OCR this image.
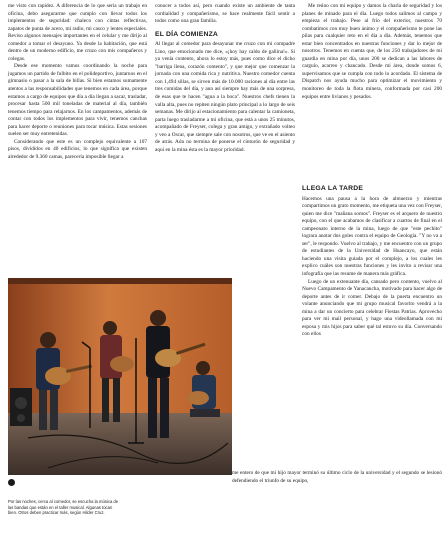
me visto con rapidez. A diferencia de lo que sería un trabajo en oficina, debo asegurarme que cumplo con llevar todos los implementos de seguridad: chaleco con cintas reflectivas, zapatos de punta de acero, mi radio, mi casco y lentes especiales. Reviso algunos mensajes importantes en el celular y me dirijo al comedor a tomar el desayuno. Ya desde la habitación, que está dentro de un moderno edificio, me cruzo con mis compañeros y colegas.

Desde ese momento vamos coordinando la noche para jugamos un partido de fulbito en el polideportivo, juntarnos en el gimnasio o pasar a la sala de billas. Si bien estamos sumamente atentos a las responsabilidades que tenemos en cada área, porque estamos a cargo de equipos que día a día llegan a sacar, trasladar, procesar hasta 500 mil toneladas de material al día, también tenemos tiempo para relajarnos. En los campamentos, además de contar con todos los implementos para vivir, tenemos canchas para hacer deporte o reuniones para tocar música. Estas sesiones suelen ser muy entretenidas.

Considerando que este es un complejo equivalente a 107 pisos, divididos en 40 edificios, lo que significa que existen alrededor de 9.360 camas, parecería imposible llegar a

conocer a todos así, pero cuando existe un ambiente de tanta cordialidad y compañerismo, se hace realmente fácil sentir a todos como una gran familia.

EL DÍA COMIENZA

Al llegar al comedor para desayunar me cruzo con mi compadre Lino, que emocionado me dice, «¡hoy hay caldo de gallina!». Si ya venía contento, ahora lo estoy más, pues como dice el dicho "barriga llena, corazón contento", y que mejor que comenzar la jornada con una comida rica y nutritiva. Nuestro comedor cuenta con 1,494 sillas, se sirven más de 10.000 raciones al día entre las tres comidas del día, y aun así siempre hay más de una sorpresa, de esas que te hacen "agua a la boca". Nuestros chefs tienen la valla alta, pues no repiten ningún plato principal a lo largo de seis semanas. Me dirijo al estacionamiento para calentar la camioneta, parta luego trasladarme a mi oficina, que está a unos 25 minutos, acompañado de Freyser, colega y gran amigo, y extrañado volteo y veo a Oscar, que siempre sale con nosotros, que ve en el asiento de atrás. Aún no termina de ponerse el cinturón de seguridad y aquí en la mina ésta es la mayor prioridad.

Me reúno con mi equipo y damos la charla de seguridad y los planes de minado para el día. Luego todos salimos al campo y empieza el trabajo. Pese al frío del exterior, nuestros 70 combatimos con muy buen ánimo y el compañerismo te pone las pilas para cualquier reto en el día a día. Además, tenemos que estar bien concentrados en nuestras funciones y dar lo mejor de nosotros. Tenemos en cuenta que, de los 250 trabajadores de mi guardia en mina por día, unos 200 se dedican a las labores de carguío, acarreo y chancado. Desde mi área, donde somos 6, supervisamos que se cumpla con todo lo acordado. El sistema de Dispatch nos ayuda mucho para optimizar el movimiento y monitoreo de toda la flota minera, conformada por casi 200 equipos entre livianos y pesados.

LLEGA LA TARDE

Hacemos una pausa a la hora de almuerzo y mientras compartimos un grato momento, me etiqueta una vez con Freyser, quien me dice "mañana somos". Freyser es el arquero de nuestro equipo, con el que acabamos de clasificar a cuartos de final en el campeonato interno de la mina, luego de que "este pechito" lograra anotar dos goles contra el equipo de Geología. "Y no va a ser", le respondo. Vuelvo al trabajo, y me encuentro con un grupo de estudiantes de la Universidad de Huancayo, que están haciendo una visita guiada por el complejo, a los cuales les explico cuáles son nuestras funciones y les invito a revisar una infografía que las resume de manera más gráfica.

Luego de un extenuante día, cansado pero contento, vuelvo al Nuevo Campamento de Yanacancha, motivado para hacer algo de deporte antes de ir comer. Debajo de la puerta encuentro un volante anunciando que mi grupo musical favorito vendrá a la mina a dar un concierto para celebrar Fiestas Patrias. Aprovecho para ver mi mail personal, y hago una videollamada con mi esposa y mis hijos para saber qué tal estuvo su día. Conversando con ellos

me entero de que mi hijo mayor terminó su último ciclo de la universidad y el segundo se lesionó defendiendo el triunfo de su equipo,

Por las noches, cerca al comedor, se escucha la música de las bandas que están en el taller musical. Algunas tocan bien. Otros deben practicar más, según Hilder Cruz.
